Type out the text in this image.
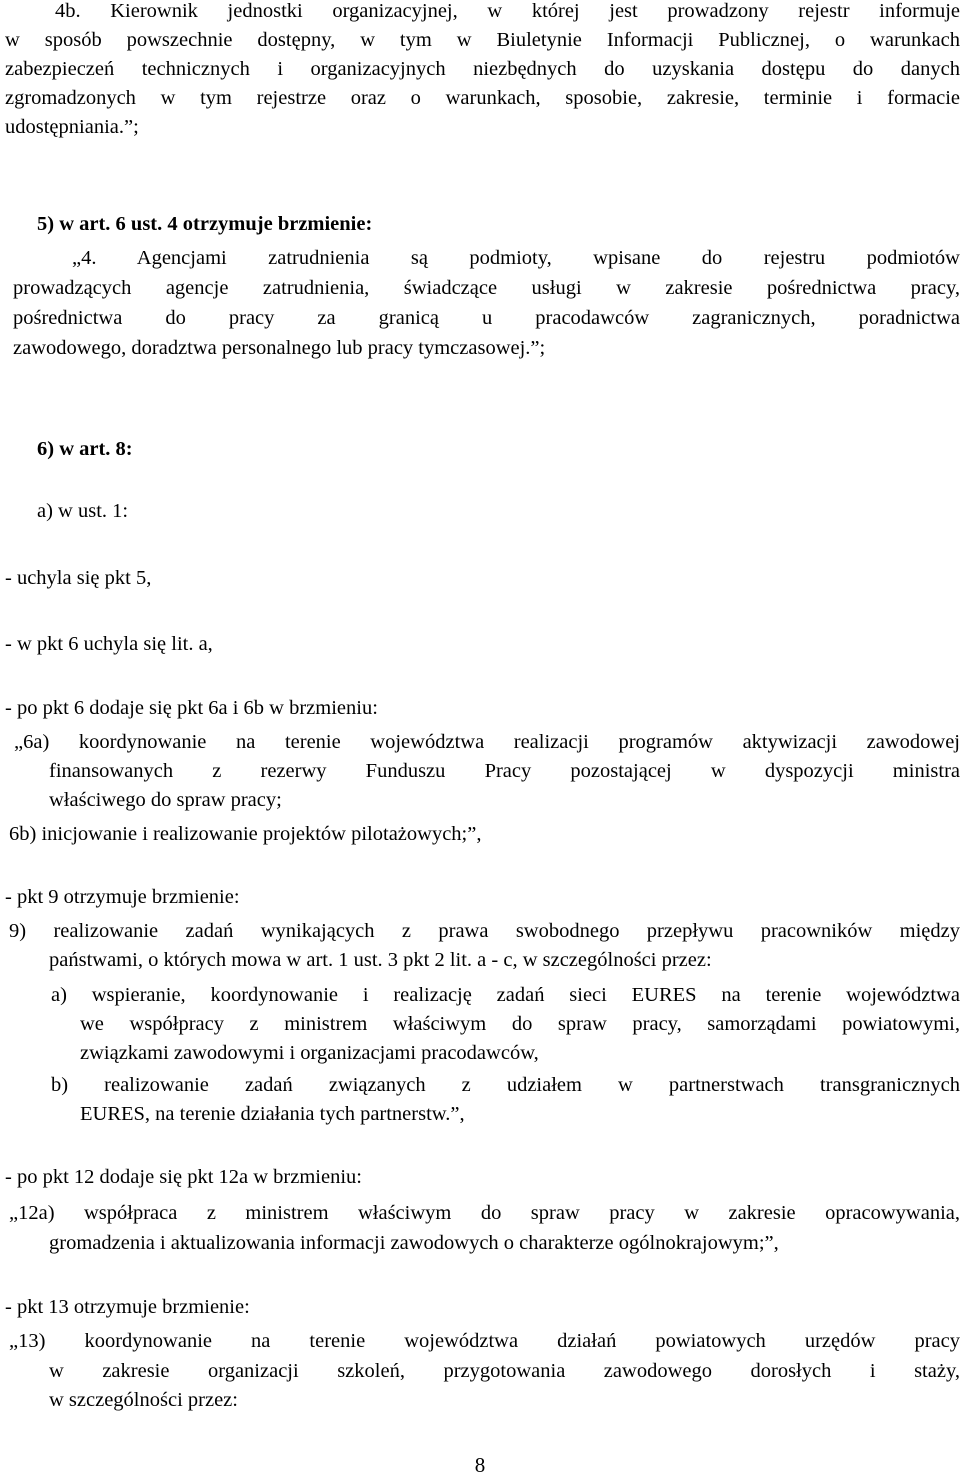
4b. Kierownik jednostki organizacyjnej, w której jest prowadzony rejestr informuje
w sposób powszechnie dostępny, w tym w Biuletynie Informacji Publicznej, o warunkach
zabezpieczeń technicznych i organizacyjnych niezbędnych do uzyskania dostępu do danych
zgromadzonych w tym rejestrze oraz o warunkach, sposobie, zakresie, terminie i formacie
udostępniania.”;
5) w art. 6 ust. 4 otrzymuje brzmienie:
„4. Agencjami zatrudnienia są podmioty, wpisane do rejestru podmiotów
prowadzących agencje zatrudnienia, świadczące usługi w zakresie pośrednictwa pracy,
pośrednictwa do pracy za granicą u pracodawców zagranicznych, poradnictwa
zawodowego, doradztwa personalnego lub pracy tymczasowej.”;
6) w art. 8:
a) w ust. 1:
- uchyla się pkt 5,
- w pkt 6 uchyla się lit. a,
- po pkt 6 dodaje się pkt 6a i 6b w brzmieniu:
„6a) koordynowanie na terenie województwa realizacji programów aktywizacji zawodowej
finansowanych z rezerwy Funduszu Pracy pozostającej w dyspozycji ministra
właściwego do spraw pracy;
6b) inicjowanie i realizowanie projektów pilotażowych;”,
- pkt 9 otrzymuje brzmienie:
9) realizowanie zadań wynikających z prawa swobodnego przepływu pracowników między
państwami, o których mowa w art. 1 ust. 3 pkt 2 lit. a - c, w szczególności przez:
a) wspieranie, koordynowanie i realizację zadań sieci EURES na terenie województwa
we współpracy z ministrem właściwym do spraw pracy, samorządami powiatowymi,
związkami zawodowymi i organizacjami pracodawców,
b) realizowanie zadań związanych z udziałem w partnerstwach transgranicznych
EURES, na terenie działania tych partnerstw.”,
- po pkt 12 dodaje się pkt 12a w brzmieniu:
„12a) współpraca z ministrem właściwym do spraw pracy w zakresie opracowywania,
gromadzenia i aktualizowania informacji zawodowych o charakterze ogólnokrajowym;”,
- pkt 13 otrzymuje brzmienie:
„13) koordynowanie na terenie województwa działań powiatowych urzędów pracy
w zakresie organizacji szkoleń, przygotowania zawodowego dorosłych i staży,
w szczególności przez:
8
